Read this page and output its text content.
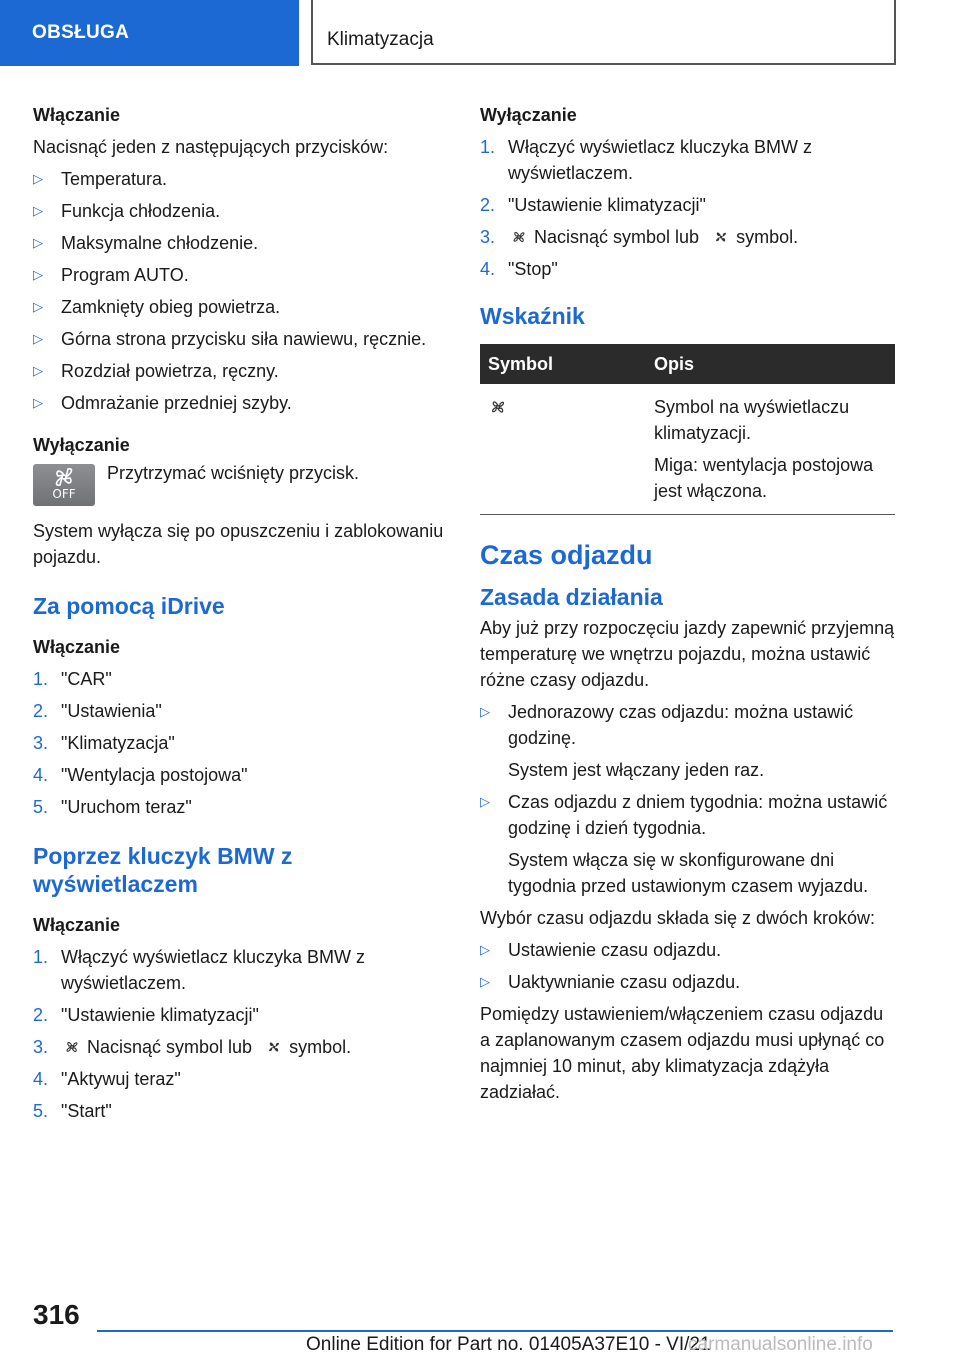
OBSŁUGA	Klimatyzacja
Włączanie

Nacisnąć jeden z następujących przycisków:

▷ Temperatura.
▷ Funkcja chłodzenia.
▷ Maksymalne chłodzenie.
▷ Program AUTO.
▷ Zamknięty obieg powietrza.
▷ Górna strona przycisku siła nawiewu, ręcznie.
▷ Rozdział powietrza, ręczny.
▷ Odmrażanie przedniej szyby.
Wyłączanie
OFF
Przytrzymać wciśnięty przycisk.

System wyłącza się po opuszczeniu i zablokowaniu pojazdu.

Za pomocą iDrive
Włączanie
1. "CAR"
2. "Ustawienia"
3. "Klimatyzacja"
4. "Wentylacja postojowa"
5. "Uruchom teraz"
Poprzez kluczyk BMW z wyświetlaczem
Włączanie
1. Włączyć wyświetlacz kluczyka BMW z wyświetlaczem.
2. "Ustawienie klimatyzacji"
3. Nacisnąć symbol lub symbol.
4. "Aktywuj teraz"
5. "Start"
Wyłączanie
1. Włączyć wyświetlacz kluczyka BMW z wyświetlaczem.
2. "Ustawienie klimatyzacji"
3. Nacisnąć symbol lub symbol.
4. "Stop"
Wskaźnik
Symbol	Opis

Symbol na wyświetlaczu klimatyzacji.

Miga: wentylacja postojowa jest włączona.

Czas odjazdu
Zasada działania

Aby już przy rozpoczęciu jazdy zapewnić przyjemną temperaturę we wnętrzu pojazdu, można ustawić różne czasy odjazdu.

▷ Jednorazowy czas odjazdu: można ustawić godzinę.
System jest włączany jeden raz.
▷ Czas odjazdu z dniem tygodnia: można ustawić godzinę i dzień tygodnia.
System włącza się w skonfigurowane dni tygodnia przed ustawionym czasem wyjazdu.

Wybór czasu odjazdu składa się z dwóch kroków:

▷ Ustawienie czasu odjazdu.
▷ Uaktywnianie czasu odjazdu.

Pomiędzy ustawieniem/włączeniem czasu odjazdu a zaplanowanym czasem odjazdu musi upłynąć co najmniej 10 minut, aby klimatyzacja zdążyła zadziałać.

316
Online Edition for Part no. 01405A37E10 - VI/21
carmanualsonline.info
